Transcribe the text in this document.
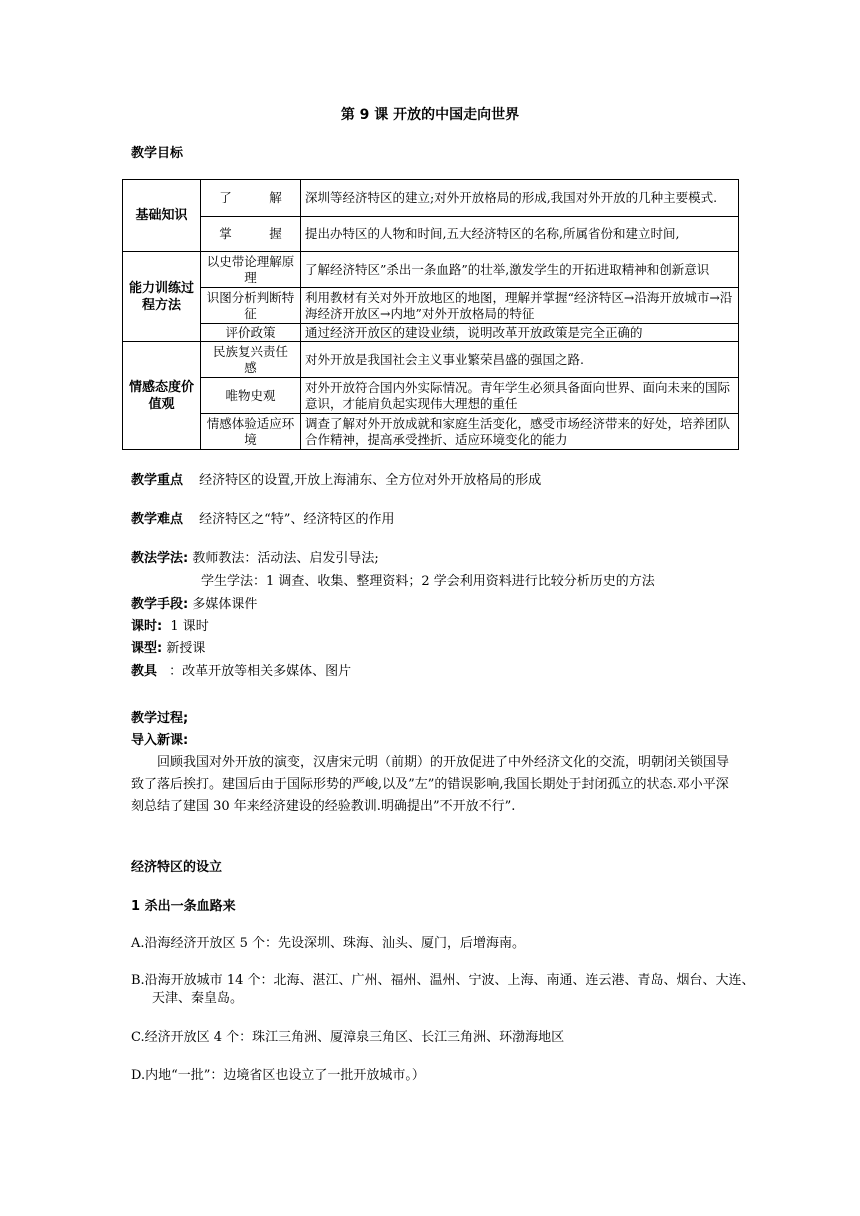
第 9 课 开放的中国走向世界
教学目标
基础知识	了　　　解	深圳等经济特区的建立;对外开放格局的形成,我国对外开放的几种主要模式.
	掌　　　握	提出办特区的人物和时间,五大经济特区的名称,所属省份和建立时间,
能力训练过程方法	以史带论理解原理	了解经济特区”杀出一条血路”的壮举,激发学生的开拓进取精神和创新意识
	识图分析判断特征	利用教材有关对外开放地区的地图，理解并掌握“经济特区→沿海开放城市→沿海经济开放区→内地”对外开放格局的特征
	评价政策	通过经济开放区的建设业绩，说明改革开放政策是完全正确的
情感态度价值观	民族复兴责任 感	对外开放是我国社会主义事业繁荣昌盛的强国之路.
	唯物史观	对外开放符合国内外实际情况。青年学生必须具备面向世界、面向未来的国际意识，才能肩负起实现伟大理想的重任
	情感体验适应环境	调查了解对外开放成就和家庭生活变化，感受市场经济带来的好处，培养团队合作精神，提高承受挫折、适应环境变化的能力
教学重点 经济特区的设置,开放上海浦东、全方位对外开放格局的形成
教学难点 经济特区之“特”、经济特区的作用
教法学法: 教师教法：活动法、启发引导法;
学生学法：1 调查、收集、整理资料；2 学会利用资料进行比较分析历史的方法
教学手段: 多媒体课件
课时: 1 课时
课型: 新授课
教具 ：改革开放等相关多媒体、图片
教学过程;
导入新课:
回顾我国对外开放的演变，汉唐宋元明（前期）的开放促进了中外经济文化的交流，明朝闭关锁国导致了落后挨打。建国后由于国际形势的严峻,以及”左”的错误影响,我国长期处于封闭孤立的状态.邓小平深刻总结了建国 30 年来经济建设的经验教训.明确提出”不开放不行”.
经济特区的设立
1 杀出一条血路来
A.沿海经济开放区 5 个：先设深圳、珠海、汕头、厦门，后增海南。
B.沿海开放城市 14 个：北海、湛江、广州、福州、温州、宁波、上海、南通、连云港、青岛、烟台、大连、天津、秦皇岛。
C.经济开放区 4 个：珠江三角洲、厦漳泉三角区、长江三角洲、环渤海地区
D.内地“一批”：边境省区也设立了一批开放城市。）
